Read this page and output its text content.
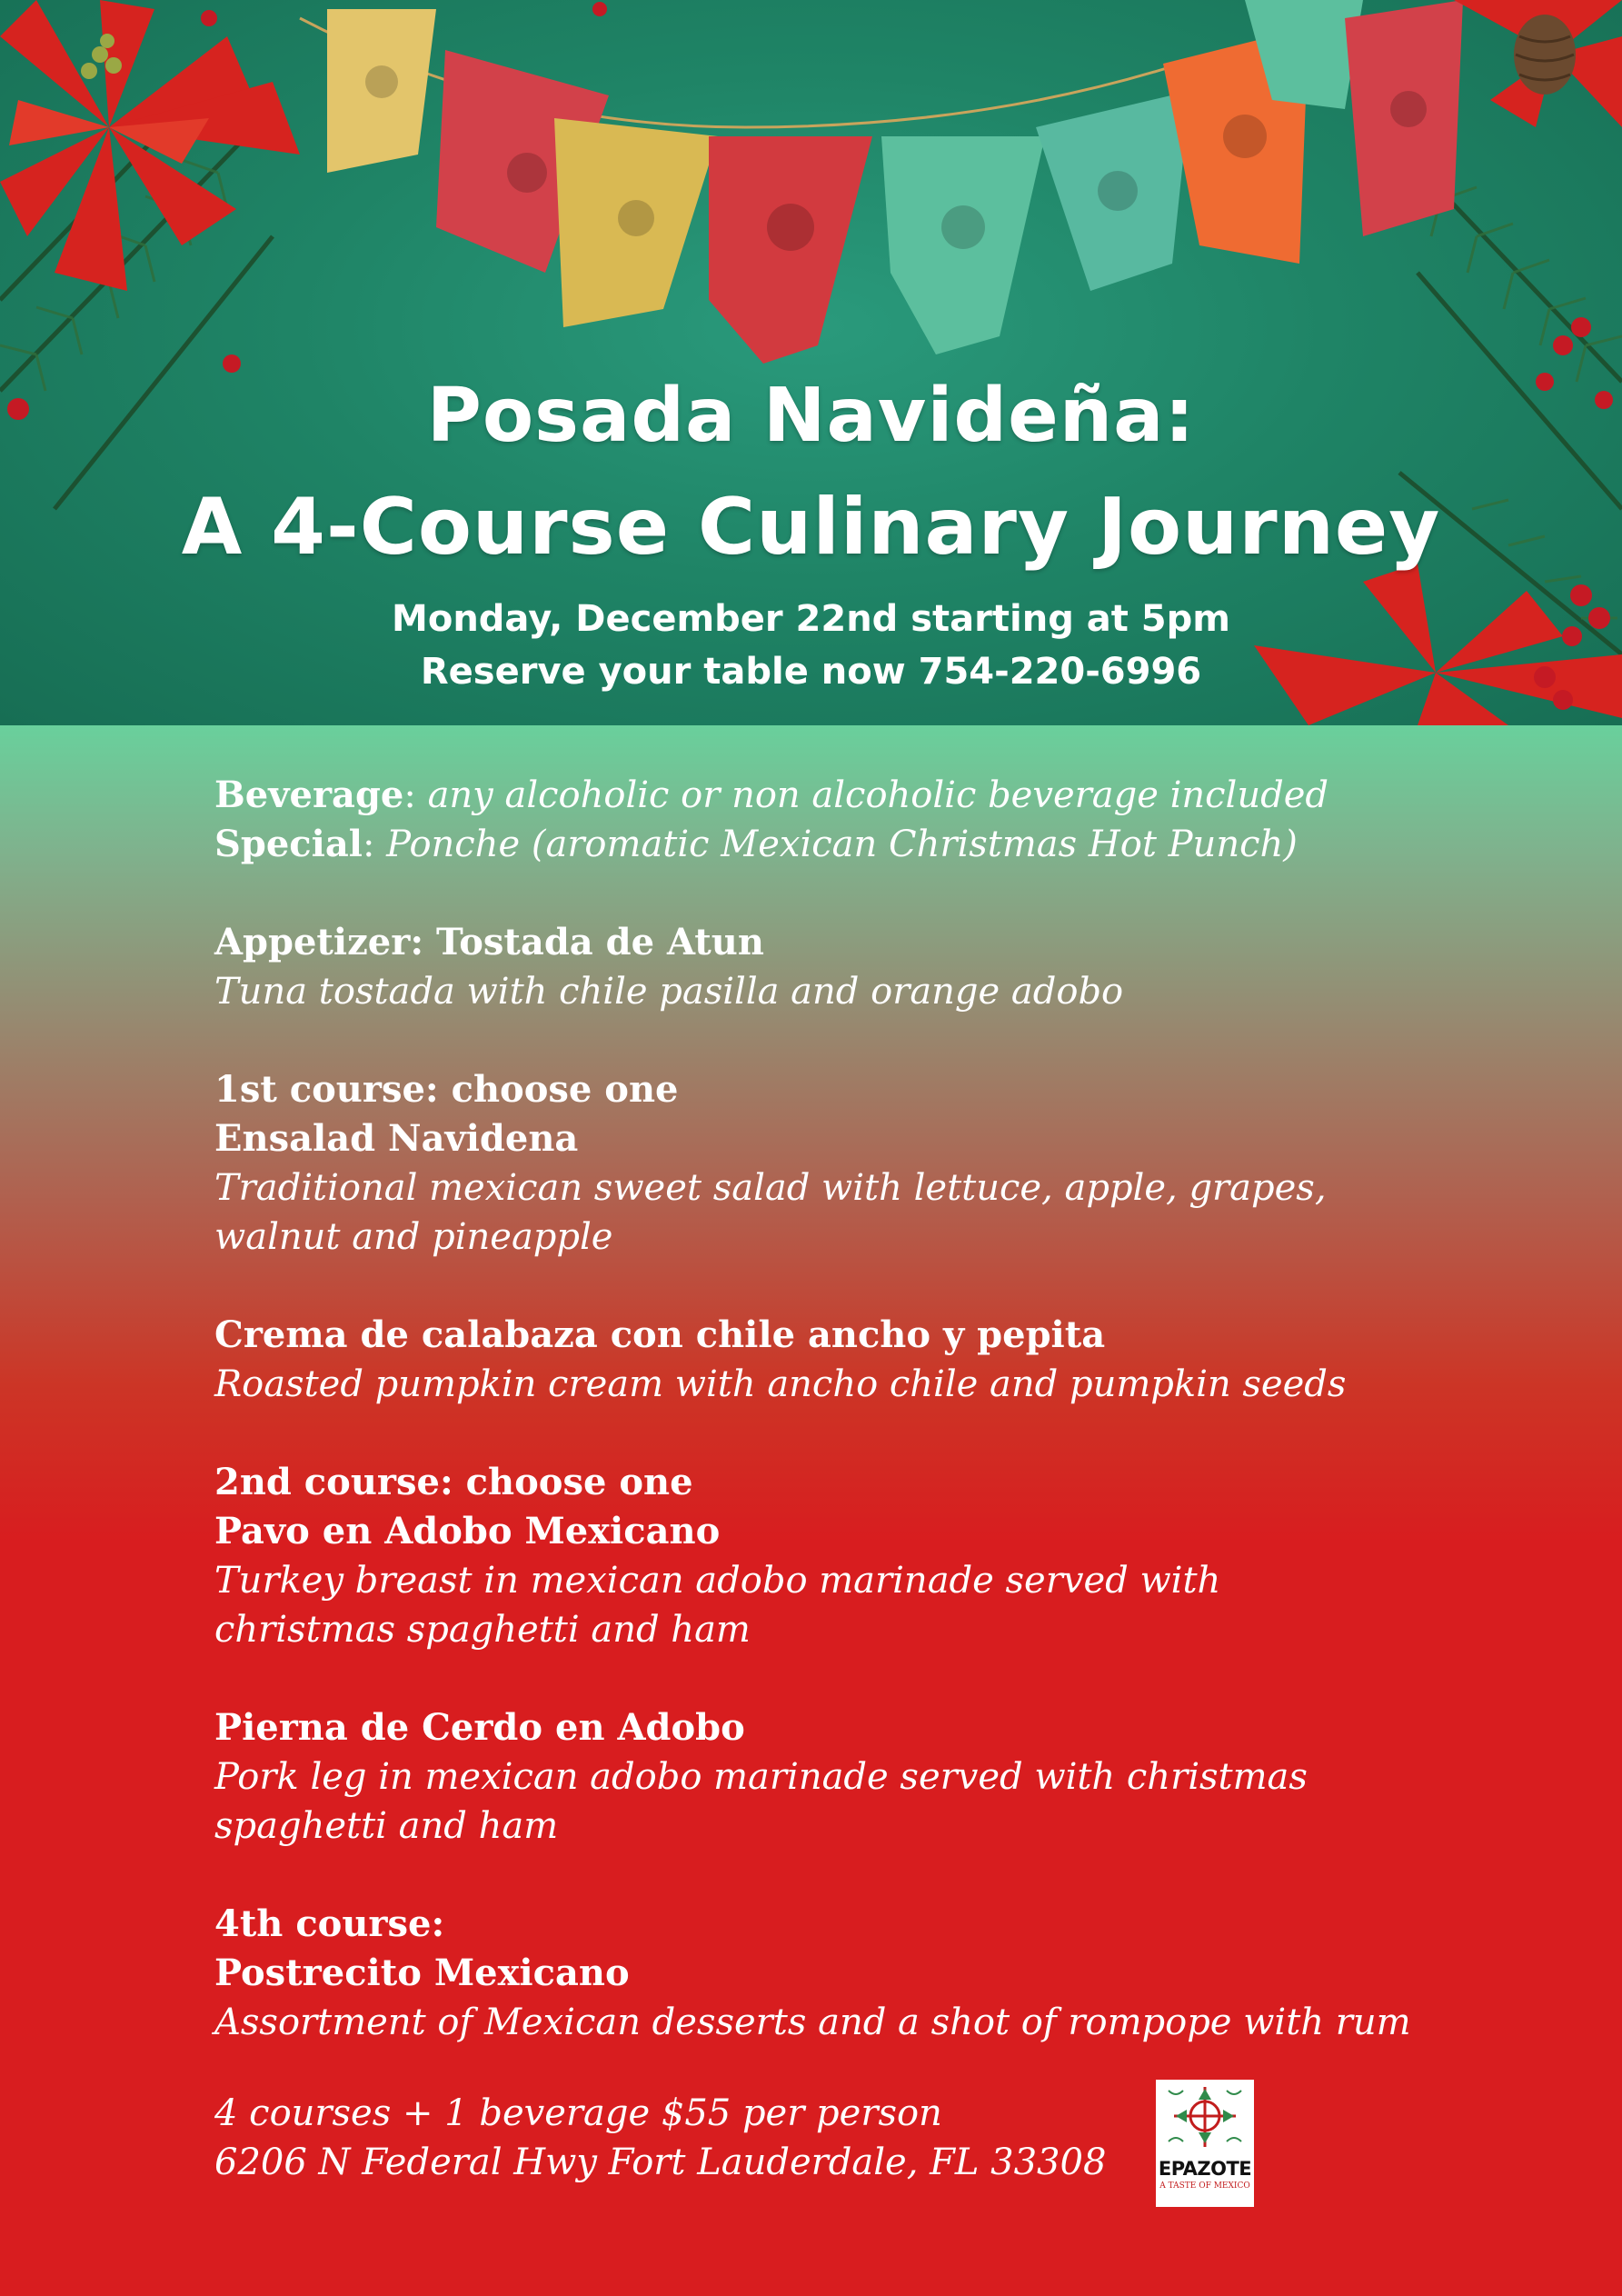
Posada Navideña:
A 4-Course Culinary Journey
Monday, December 22nd starting at 5pm
Reserve your table now 754-220-6996
Beverage: any alcoholic or non alcoholic beverage included
Special: Ponche (aromatic Mexican Christmas Hot Punch)
Appetizer: Tostada de Atun
Tuna tostada with chile pasilla and orange adobo
1st course: choose one
Ensalad Navidena
Traditional mexican sweet salad with lettuce, apple, grapes,
walnut and pineapple
Crema de calabaza con chile ancho y pepita
Roasted pumpkin cream with ancho chile and pumpkin seeds
2nd course: choose one
Pavo en Adobo Mexicano
Turkey breast in mexican adobo marinade served with
christmas spaghetti and ham
Pierna de Cerdo en Adobo
Pork leg in mexican adobo marinade served with christmas
spaghetti and ham
4th course:
Postrecito Mexicano
Assortment of Mexican desserts and a shot of rompope with rum
4 courses + 1 beverage $55 per person
6206 N Federal Hwy Fort Lauderdale, FL 33308	EPAZOTE
A TASTE OF MEXICO
